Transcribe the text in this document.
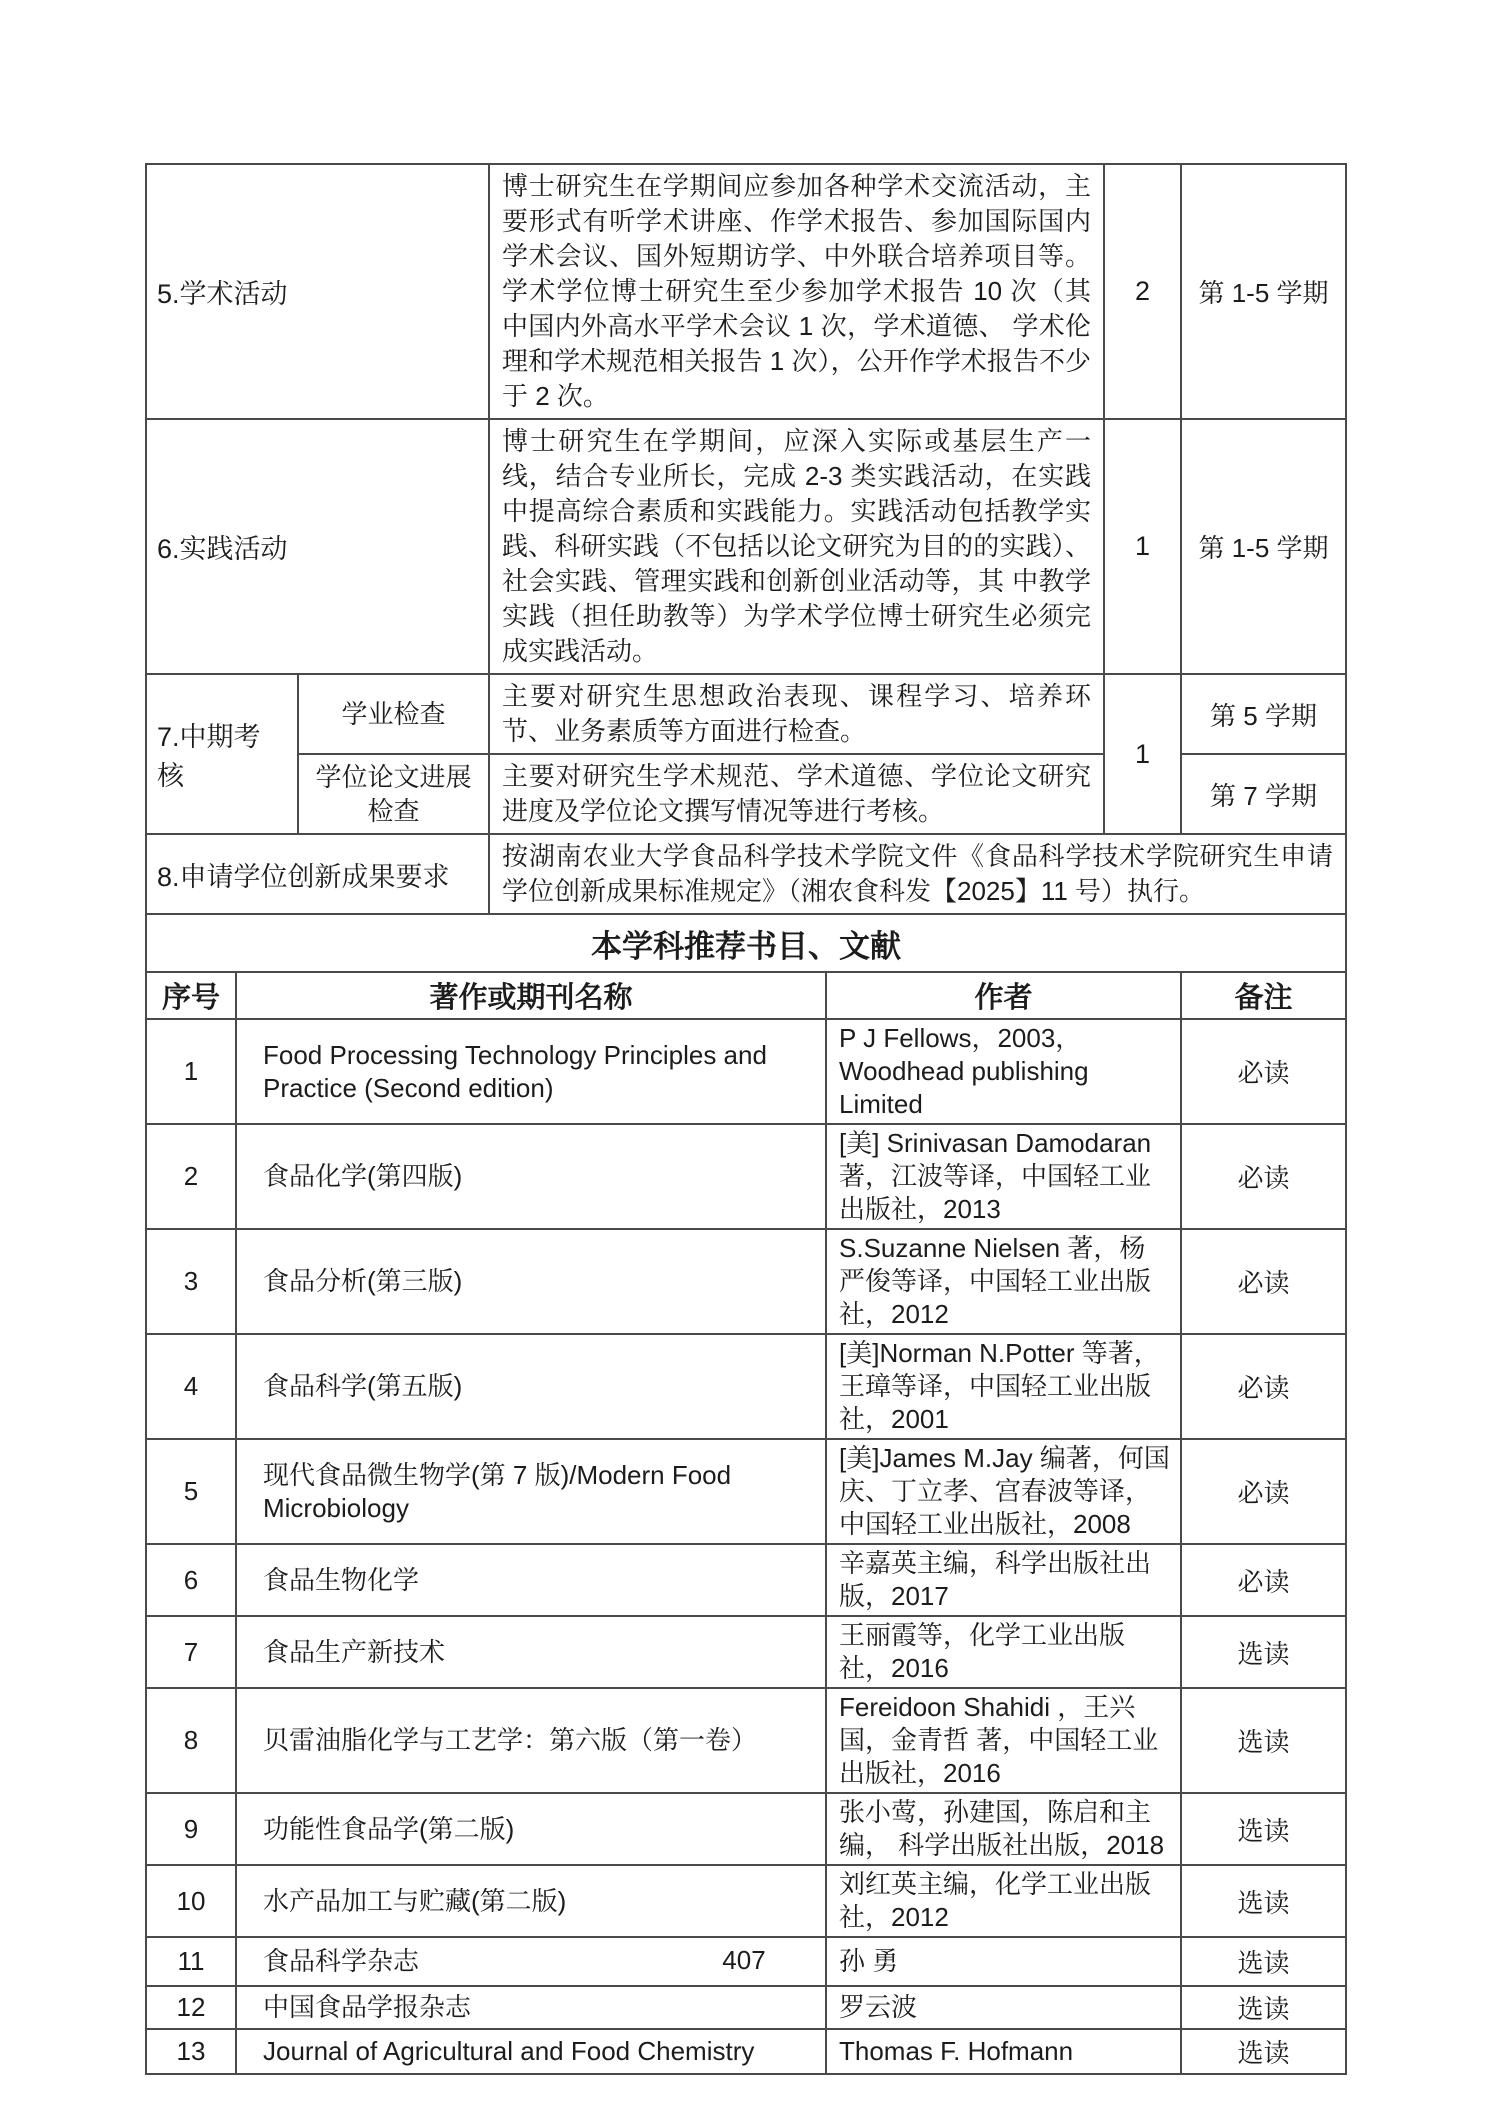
5.学术活动		博士研究生在学期间应参加各种学术交流活动，主要形式有听学术讲座、作学术报告、参加国际国内学术会议、国外短期访学、中外联合培养项目等。学术学位博士研究生至少参加学术报告 10 次（其中国内外高水平学术会议 1 次，学术道德、 学术伦理和学术规范相关报告 1 次），公开作学术报告不少于 2 次。	2	第 1-5 学期
6.实践活动		博士研究生在学期间，应深入实际或基层生产一线，结合专业所长，完成 2-3 类实践活动，在实践中提高综合素质和实践能力。实践活动包括教学实践、科研实践（不包括以论文研究为目的的实践）、社会实践、管理实践和创新创业活动等，其 中教学实践（担任助教等）为学术学位博士研究生必须完成实践活动。	1	第 1-5 学期
7.中期考核	学业检查	主要对研究生思想政治表现、课程学习、培养环节、业务素质等方面进行检查。	1	第 5 学期
	学位论文进展检查	主要对研究生学术规范、学术道德、学位论文研究进度及学位论文撰写情况等进行考核。		第 7 学期
8.申请学位创新成果要求		按湖南农业大学食品科学技术学院文件《食品科学技术学院研究生申请学位创新成果标准规定》（湘农食科发【2025】11 号）执行。		
本学科推荐书目、文献				
序号	著作或期刊名称	作者	备注
1	Food Processing Technology Principles and Practice (Second edition)	P J Fellows，2003，Woodhead publishing Limited	必读
2	食品化学(第四版)	[美] Srinivasan Damodaran 著，江波等译，中国轻工业出版社，2013	必读
3	食品分析(第三版)	S.Suzanne Nielsen 著，杨严俊等译，中国轻工业出版社，2012	必读
4	食品科学(第五版)	[美]Norman N.Potter 等著，王璋等译，中国轻工业出版社，2001	必读
5	现代食品微生物学(第 7 版)/Modern Food Microbiology	[美]James M.Jay 编著，何国庆、丁立孝、宫春波等译，中国轻工业出版社，2008	必读
6	食品生物化学	辛嘉英主编，科学出版社出版，2017	必读
7	食品生产新技术	王丽霞等，化学工业出版社，2016	选读
8	贝雷油脂化学与工艺学：第六版（第一卷）	Fereidoon Shahidi ，王兴国，金青哲 著，中国轻工业出版社，2016	选读
9	功能性食品学(第二版)	张小莺，孙建国，陈启和主编， 科学出版社出版，2018	选读
10	水产品加工与贮藏(第二版)	刘红英主编，化学工业出版社，2012	选读
11	食品科学杂志	孙 勇	选读
12	中国食品学报杂志	罗云波	选读
13	Journal of Agricultural and Food Chemistry	Thomas F. Hofmann	选读
407
